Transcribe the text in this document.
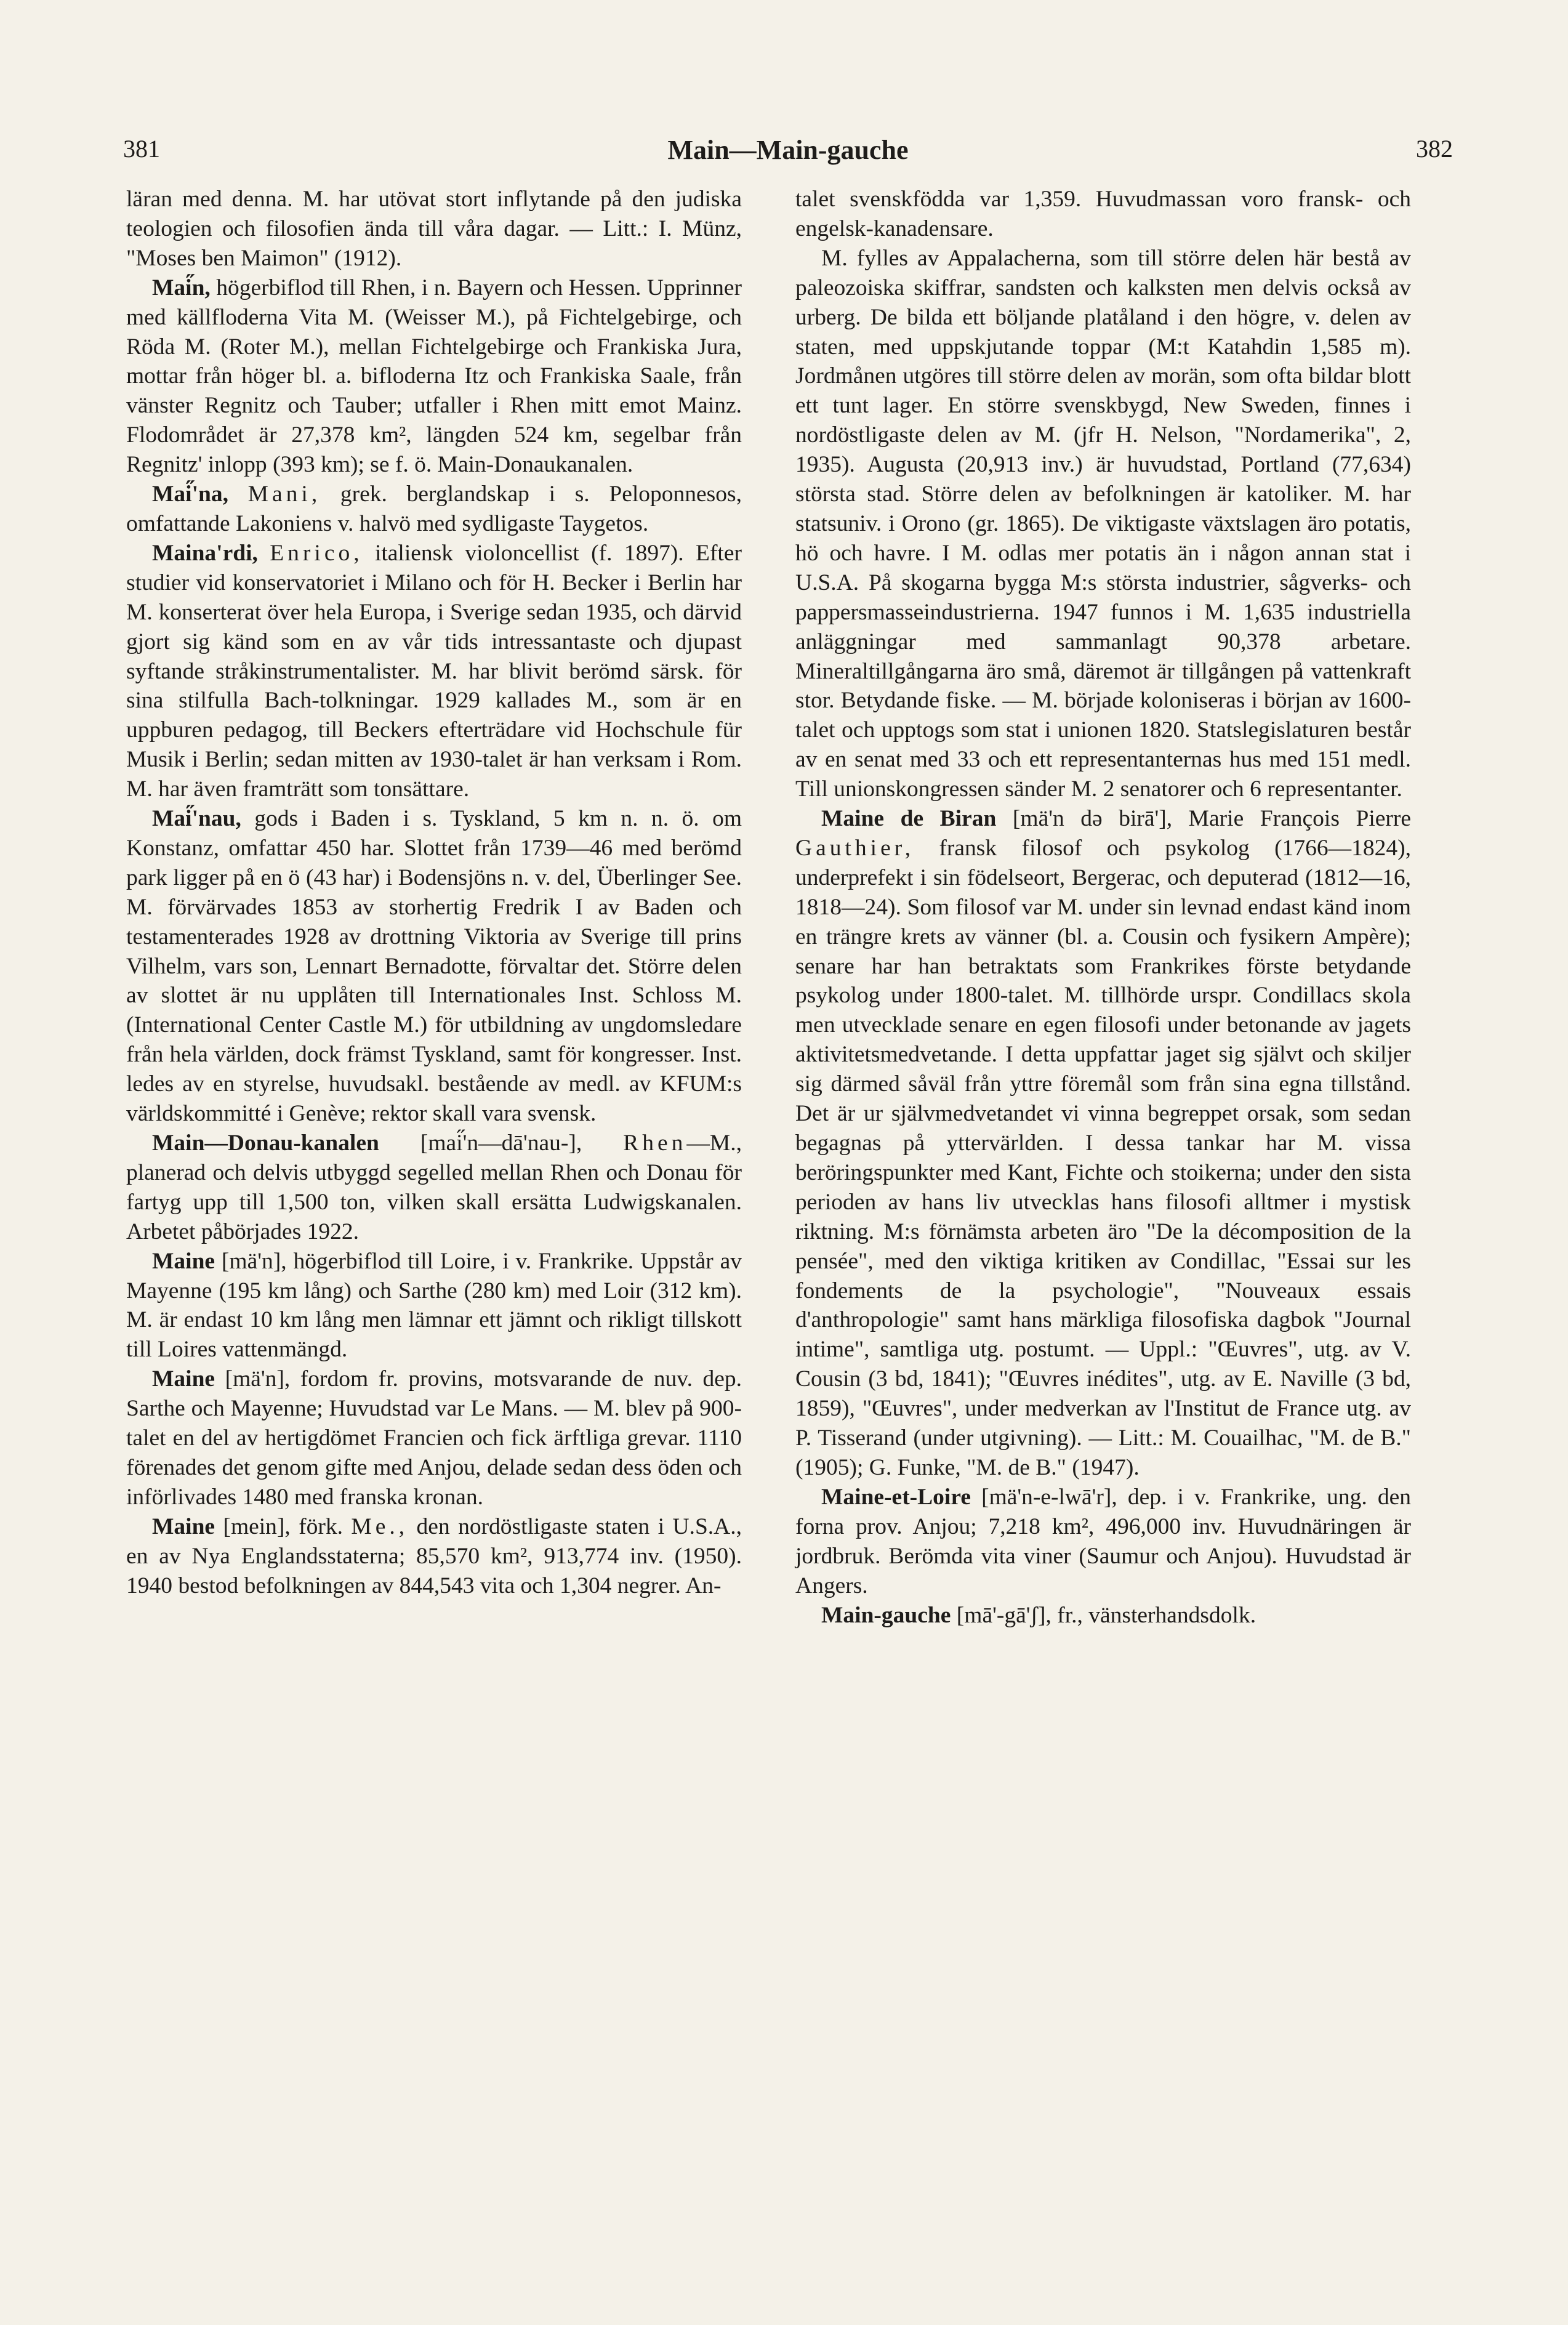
381	Main—Main-gauche	382

läran med denna. M. har utövat stort inflytande på den judiska teologien och filosofien ända till våra dagar. — Litt.: I. Münz, "Moses ben Maimon" (1912).

Mai̋n, högerbiflod till Rhen, i n. Bayern och Hessen. Upprinner med källfloderna Vita M. (Weisser M.), på Fichtelgebirge, och Röda M. (Roter M.), mellan Fichtelgebirge och Frankiska Jura, mottar från höger bl. a. bifloderna Itz och Frankiska Saale, från vänster Regnitz och Tauber; utfaller i Rhen mitt emot Mainz. Flodområdet är 27,378 km², längden 524 km, segelbar från Regnitz' inlopp (393 km); se f. ö. Main-Donaukanalen.

Mai̋'na, Mani, grek. berglandskap i s. Peloponnesos, omfattande Lakoniens v. halvö med sydligaste Taygetos.

Maina'rdi, Enrico, italiensk violoncellist (f. 1897). Efter studier vid konservatoriet i Milano och för H. Becker i Berlin har M. konserterat över hela Europa, i Sverige sedan 1935, och därvid gjort sig känd som en av vår tids intressantaste och djupast syftande stråkinstrumentalister. M. har blivit berömd särsk. för sina stilfulla Bach-tolkningar. 1929 kallades M., som är en uppburen pedagog, till Beckers efterträdare vid Hochschule für Musik i Berlin; sedan mitten av 1930-talet är han verksam i Rom. M. har även framträtt som tonsättare.

Mai̋'nau, gods i Baden i s. Tyskland, 5 km n. n. ö. om Konstanz, omfattar 450 har. Slottet från 1739—46 med berömd park ligger på en ö (43 har) i Bodensjöns n. v. del, Überlinger See. M. förvärvades 1853 av storhertig Fredrik I av Baden och testamenterades 1928 av drottning Viktoria av Sverige till prins Vilhelm, vars son, Lennart Bernadotte, förvaltar det. Större delen av slottet är nu upplåten till Internationales Inst. Schloss M. (International Center Castle M.) för utbildning av ungdomsledare från hela världen, dock främst Tyskland, samt för kongresser. Inst. ledes av en styrelse, huvudsakl. bestående av medl. av KFUM:s världskommitté i Genève; rektor skall vara svensk.

Main—Donau-kanalen [mai̋'n—dā'nau-], Rhen—M., planerad och delvis utbyggd segelled mellan Rhen och Donau för fartyg upp till 1,500 ton, vilken skall ersätta Ludwigskanalen. Arbetet påbörjades 1922.

Maine [mä'n], högerbiflod till Loire, i v. Frankrike. Uppstår av Mayenne (195 km lång) och Sarthe (280 km) med Loir (312 km). M. är endast 10 km lång men lämnar ett jämnt och rikligt tillskott till Loires vattenmängd.

Maine [mä'n], fordom fr. provins, motsvarande de nuv. dep. Sarthe och Mayenne; Huvudstad var Le Mans. — M. blev på 900-talet en del av hertigdömet Francien och fick ärftliga grevar. 1110 förenades det genom gifte med Anjou, delade sedan dess öden och införlivades 1480 med franska kronan.

Maine [mein], förk. Me., den nordöstligaste staten i U.S.A., en av Nya Englandsstaterna; 85,570 km², 913,774 inv. (1950). 1940 bestod befolkningen av 844,543 vita och 1,304 negrer. An-

talet svenskfödda var 1,359. Huvudmassan voro fransk- och engelsk-kanadensare.

M. fylles av Appalacherna, som till större delen här bestå av paleozoiska skiffrar, sandsten och kalksten men delvis också av urberg. De bilda ett böljande platåland i den högre, v. delen av staten, med uppskjutande toppar (M:t Katahdin 1,585 m). Jordmånen utgöres till större delen av morän, som ofta bildar blott ett tunt lager. En större svenskbygd, New Sweden, finnes i nordöstligaste delen av M. (jfr H. Nelson, "Nordamerika", 2, 1935). Augusta (20,913 inv.) är huvudstad, Portland (77,634) största stad. Större delen av befolkningen är katoliker. M. har statsuniv. i Orono (gr. 1865). De viktigaste växtslagen äro potatis, hö och havre. I M. odlas mer potatis än i någon annan stat i U.S.A. På skogarna bygga M:s största industrier, sågverks- och pappersmasseindustrierna. 1947 funnos i M. 1,635 industriella anläggningar med sammanlagt 90,378 arbetare. Mineraltillgångarna äro små, däremot är tillgången på vattenkraft stor. Betydande fiske. — M. började koloniseras i början av 1600-talet och upptogs som stat i unionen 1820. Statslegislaturen består av en senat med 33 och ett representanternas hus med 151 medl. Till unionskongressen sänder M. 2 senatorer och 6 representanter.

Maine de Biran [mä'n də birā'], Marie François Pierre Gauthier, fransk filosof och psykolog (1766—1824), underprefekt i sin födelseort, Bergerac, och deputerad (1812—16, 1818—24). Som filosof var M. under sin levnad endast känd inom en trängre krets av vänner (bl. a. Cousin och fysikern Ampère); senare har han betraktats som Frankrikes förste betydande psykolog under 1800-talet. M. tillhörde urspr. Condillacs skola men utvecklade senare en egen filosofi under betonande av jagets aktivitetsmedvetande. I detta uppfattar jaget sig självt och skiljer sig därmed såväl från yttre föremål som från sina egna tillstånd. Det är ur självmedvetandet vi vinna begreppet orsak, som sedan begagnas på yttervärlden. I dessa tankar har M. vissa beröringspunkter med Kant, Fichte och stoikerna; under den sista perioden av hans liv utvecklas hans filosofi alltmer i mystisk riktning. M:s förnämsta arbeten äro "De la décomposition de la pensée", med den viktiga kritiken av Condillac, "Essai sur les fondements de la psychologie", "Nouveaux essais d'anthropologie" samt hans märkliga filosofiska dagbok "Journal intime", samtliga utg. postumt. — Uppl.: "Œuvres", utg. av V. Cousin (3 bd, 1841); "Œuvres inédites", utg. av E. Naville (3 bd, 1859), "Œuvres", under medverkan av l'Institut de France utg. av P. Tisserand (under utgivning). — Litt.: M. Couailhac, "M. de B." (1905); G. Funke, "M. de B." (1947).

Maine-et-Loire [mä'n-e-lwā'r], dep. i v. Frankrike, ung. den forna prov. Anjou; 7,218 km², 496,000 inv. Huvudnäringen är jordbruk. Berömda vita viner (Saumur och Anjou). Huvudstad är Angers.

Main-gauche [mā'-gā'ʃ], fr., vänsterhandsdolk.
